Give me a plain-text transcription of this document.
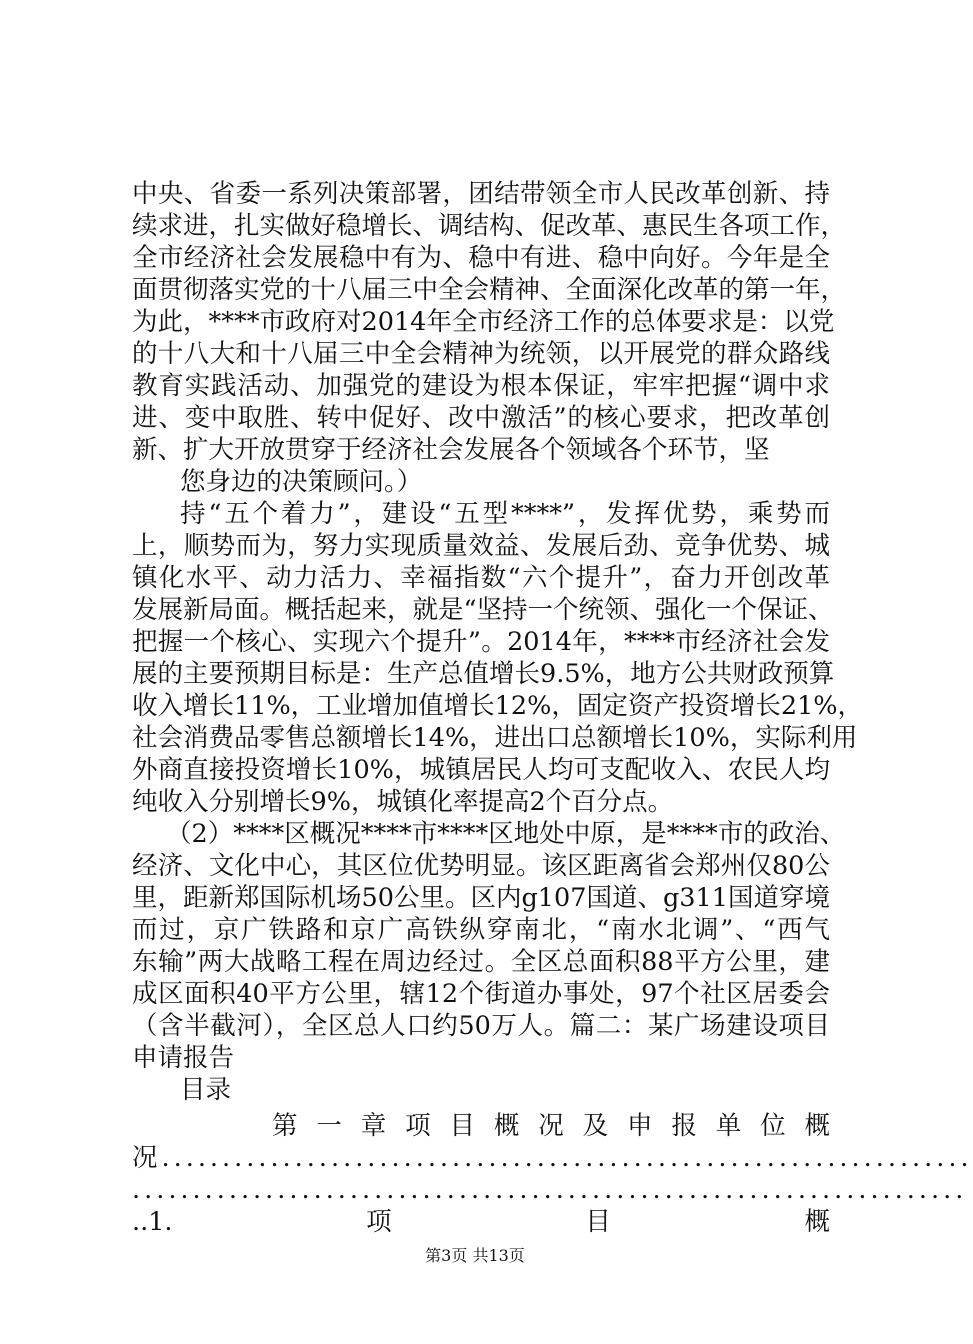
中央、省委一系列决策部署，团结带领全市人民改革创新、持
续求进，扎实做好稳增长、调结构、促改革、惠民生各项工作，
全市经济社会发展稳中有为、稳中有进、稳中向好。今年是全
面贯彻落实党的十八届三中全会精神、全面深化改革的第一年，
为此，****市政府对2014年全市经济工作的总体要求是：以党
的十八大和十八届三中全会精神为统领，以开展党的群众路线
教育实践活动、加强党的建设为根本保证，牢牢把握“调中求
进、变中取胜、转中促好、改中激活”的核心要求，把改革创
新、扩大开放贯穿于经济社会发展各个领域各个环节，坚
您身边的决策顾问。）
持“五个着力”，建设“五型****”，发挥优势，乘势而
上，顺势而为，努力实现质量效益、发展后劲、竞争优势、城
镇化水平、动力活力、幸福指数“六个提升”，奋力开创改革
发展新局面。概括起来，就是“坚持一个统领、强化一个保证、
把握一个核心、实现六个提升”。2014年，****市经济社会发
展的主要预期目标是：生产总值增长9.5%，地方公共财政预算
收入增长11%，工业增加值增长12%，固定资产投资增长21%，
社会消费品零售总额增长14%，进出口总额增长10%，实际利用
外商直接投资增长10%，城镇居民人均可支配收入、农民人均
纯收入分别增长9%，城镇化率提高2个百分点。
（2）****区概况****市****区地处中原，是****市的政治、
经济、文化中心，其区位优势明显。该区距离省会郑州仅80公
里，距新郑国际机场50公里。区内g107国道、g311国道穿境
而过，京广铁路和京广高铁纵穿南北，“南水北调”、“西气
东输”两大战略工程在周边经过。全区总面积88平方公里，建
成区面积40平方公里，辖12个街道办事处，97个社区居委会
（含半截河），全区总人口约50万人。篇二：某广场建设项目
申请报告
目录
第一章项目概况及申报单位概
况...................................................................
.....................................................................
..1.	项	目	概
第3页 共13页
